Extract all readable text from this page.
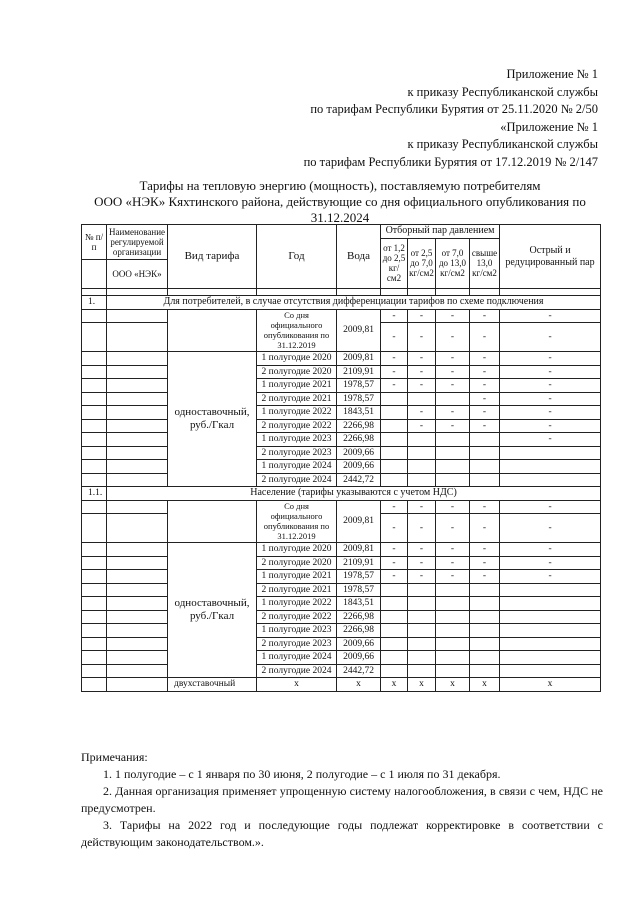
Приложение № 1
к приказу Республиканской службы
по тарифам Республики Бурятия от 25.11.2020 № 2/50
«Приложение № 1
к приказу Республиканской службы
по тарифам Республики Бурятия от 17.12.2019 № 2/147
Тарифы на тепловую энергию (мощность), поставляемую потребителям
ООО «НЭК» Кяхтинского района, действующие со дня официального опубликования по
31.12.2024
№ п/п	Наименование регулируемой организации	Вид тарифа	Год	Вода	Отборный пар давлением				Острый и редуцированный пар
					от 1,2 до 2,5 кг/см2	от 2,5 до 7,0 кг/см2	от 7,0 до 13,0 кг/см2	свыше 13,0 кг/см2	
	ООО «НЭК»								

1.	Для потребителей, в случае отсутствия дифференциации тарифов по схеме подключения								
			Со дня официального опубликования по 31.12.2019	2009,81	-	-	-	-	-
					-	-	-	-	-
		одноставочный, руб./Гкал	1 полугодие 2020	2009,81	-	-	-	-	-
			2 полугодие 2020	2109,91	-	-	-	-	-
			1 полугодие 2021	1978,57	-	-	-	-	-
			2 полугодие 2021	1978,57				-	-
			1 полугодие 2022	1843,51		-	-	-	-
			2 полугодие 2022	2266,98		-	-	-	-
			1 полугодие 2023	2266,98					-
			2 полугодие 2023	2009,66					
			1 полугодие 2024	2009,66					
			2 полугодие 2024	2442,72					
1.1.	Население (тарифы указываются с учетом НДС)								
			Со дня официального опубликования по 31.12.2019	2009,81	-	-	-	-	-
					-	-	-	-	-
		одноставочный, руб./Гкал	1 полугодие 2020	2009,81	-	-	-	-	-
			2 полугодие 2020	2109,91	-	-	-	-	-
			1 полугодие 2021	1978,57	-	-	-	-	-
			2 полугодие 2021	1978,57					
			1 полугодие 2022	1843,51					
			2 полугодие 2022	2266,98					
			1 полугодие 2023	2266,98					
			2 полугодие 2023	2009,66					
			1 полугодие 2024	2009,66					
			2 полугодие 2024	2442,72					
		двухставочный	х	х	х	х	х	х	х

Примечания:

1. 1 полугодие – с 1 января по 30 июня, 2 полугодие – с 1 июля по 31 декабря.

2. Данная организация применяет упрощенную систему налогообложения, в связи с чем, НДС не предусмотрен.

3. Тарифы на 2022 год и последующие годы подлежат корректировке в соответствии с действующим законодательством.».
